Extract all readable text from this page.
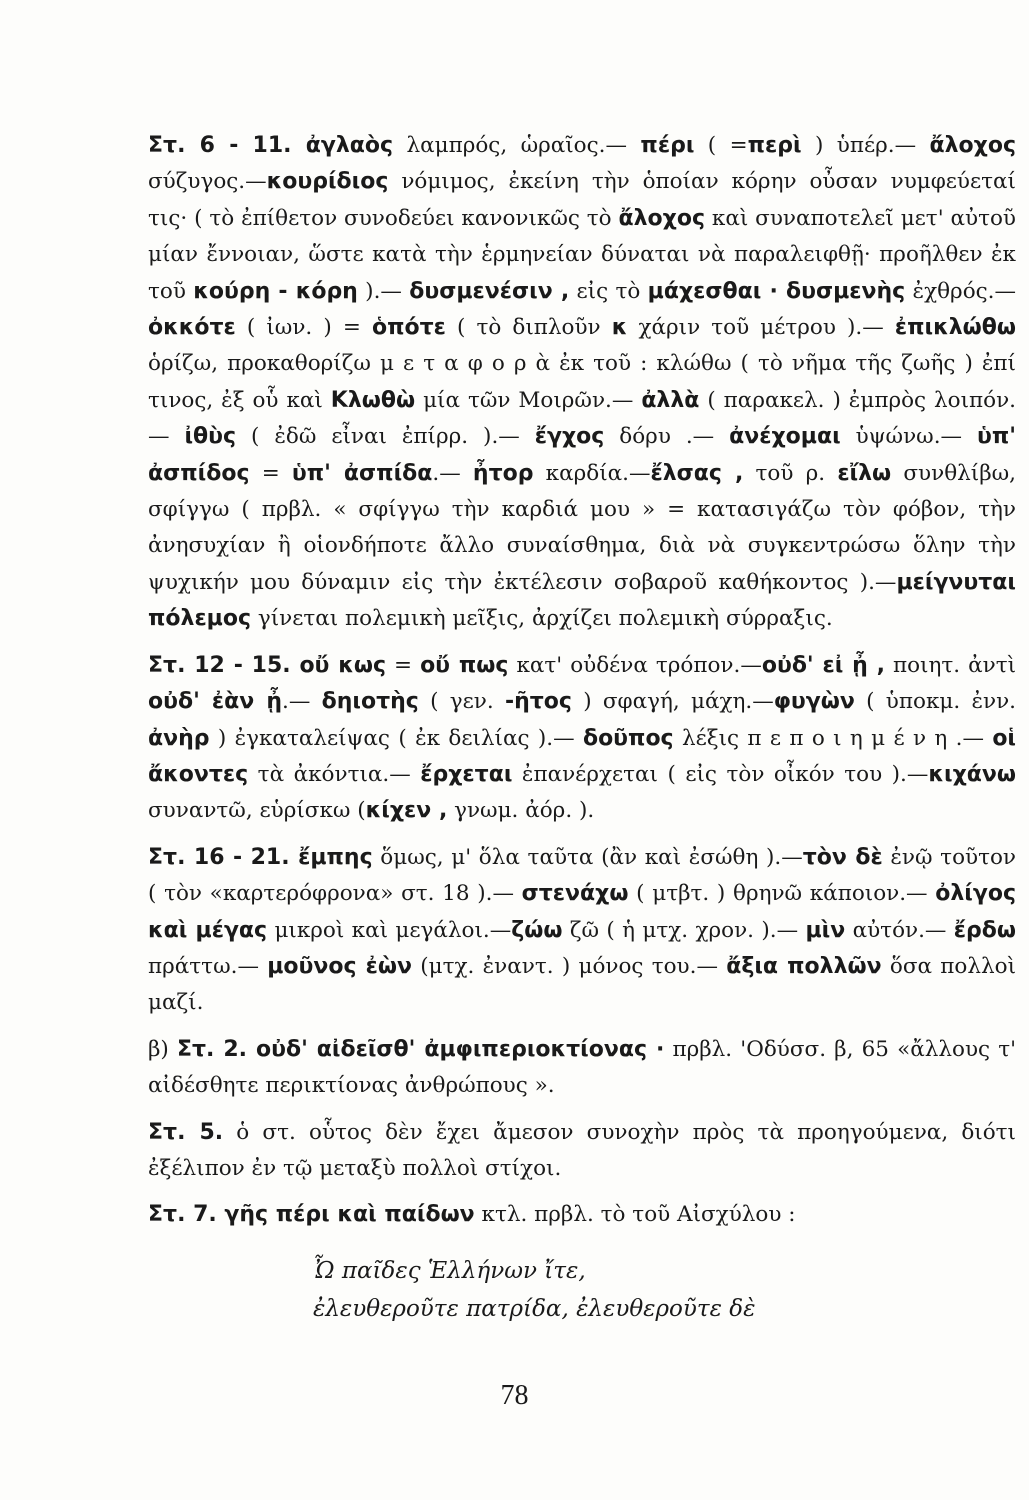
Στ. 6 - 11. ἀγλαὸς λαμπρός, ὡραῖος.— πέρι ( =περὶ ) ὑπέρ.— ἄλοχος σύζυγος.—κουρίδιος νόμιμος, ἐκείνη τὴν ὁποίαν κόρην οὖσαν νυμφεύεταί τις· ( τὸ ἐπίθετον συνοδεύει κανονικῶς τὸ ἄλοχος καὶ συναποτελεῖ μετ' αὐτοῦ μίαν ἔννοιαν, ὥστε κατὰ τὴν ἑρμηνείαν δύναται νὰ παραλειφθῇ· προῆλθεν ἐκ τοῦ κούρη - κόρη ).— δυσμενέσιν , εἰς τὸ μάχεσθαι · δυσμενὴς ἐχθρός.—ὀκκότε ( ἰων. ) = ὁπότε ( τὸ διπλοῦν κ χάριν τοῦ μέτρου ).— ἐπικλώθω ὁρίζω, προκαθορίζω μ ε τ α φ ο ρ ὰ ἐκ τοῦ : κλώθω ( τὸ νῆμα τῆς ζωῆς ) ἐπί τινος, ἐξ οὗ καὶ Κλωθὼ μία τῶν Μοιρῶν.— ἀλλὰ ( παρακελ. ) ἐμπρὸς λοιπόν.— ἰθὺς ( ἐδῶ εἶναι ἐπίρρ. ).— ἔγχος δόρυ .— ἀνέχομαι ὑψώνω.— ὑπ' ἀσπίδος = ὑπ' ἀσπίδα.— ἦτορ καρδία.—ἔλσας , τοῦ ρ. εἴλω συνθλίβω, σφίγγω ( πρβλ. « σφίγγω τὴν καρδιά μου » = κατασιγάζω τὸν φόβον, τὴν ἀνησυχίαν ἢ οἱονδήποτε ἄλλο συναίσθημα, διὰ νὰ συγκεντρώσω ὅλην τὴν ψυχικήν μου δύναμιν εἰς τὴν ἐκτέλεσιν σοβαροῦ καθήκοντος ).—μείγνυται πόλεμος γίνεται πολεμικὴ μεῖξις, ἀρχίζει πολεμικὴ σύρραξις.

Στ. 12 - 15. οὔ κως = οὔ πως κατ' οὐδένα τρόπον.—οὐδ' εἰ ᾖ , ποιητ. ἀντὶ οὐδ' ἐὰν ᾖ.— δηιοτὴς ( γεν. -ῆτος ) σφαγή, μάχη.—φυγὼν ( ὑποκμ. ἐνν. ἀνὴρ ) ἐγκαταλείψας ( ἐκ δειλίας ).— δοῦπος λέξις π ε π ο ι η μ έ ν η .— οἱ ἄκοντες τὰ ἀκόντια.— ἔρχεται ἐπανέρχεται ( εἰς τὸν οἶκόν του ).—κιχάνω συναντῶ, εὑρίσκω (κίχεν , γνωμ. ἀόρ. ).

Στ. 16 - 21. ἔμπης ὅμως, μ' ὅλα ταῦτα (ἂν καὶ ἐσώθη ).—τὸν δὲ ἐνῷ τοῦτον ( τὸν «καρτερόφρονα» στ. 18 ).— στενάχω ( μτβτ. ) θρηνῶ κάποιον.— ὀλίγος καὶ μέγας μικροὶ καὶ μεγάλοι.—ζώω ζῶ ( ἡ μτχ. χρον. ).— μὶν αὐτόν.— ἔρδω πράττω.— μοῦνος ἐὼν (μτχ. ἐναντ. ) μόνος του.— ἄξια πολλῶν ὅσα πολλοὶ μαζί.

β) Στ. 2. οὐδ' αἰδεῖσθ' ἀμφιπεριοκτίονας · πρβλ. 'Οδύσσ. β, 65 «ἄλλους τ' αἰδέσθητε περικτίονας ἀνθρώπους ».

Στ. 5. ὁ στ. οὗτος δὲν ἔχει ἄμεσον συνοχὴν πρὸς τὰ προηγούμενα, διότι ἐξέλιπον ἐν τῷ μεταξὺ πολλοὶ στίχοι.

Στ. 7. γῆς πέρι καὶ παίδων κτλ. πρβλ. τὸ τοῦ Αἰσχύλου :

Ὦ παῖδες Ἑλλήνων ἴτε,
ἐλευθεροῦτε πατρίδα, ἐλευθεροῦτε δὲ
78
